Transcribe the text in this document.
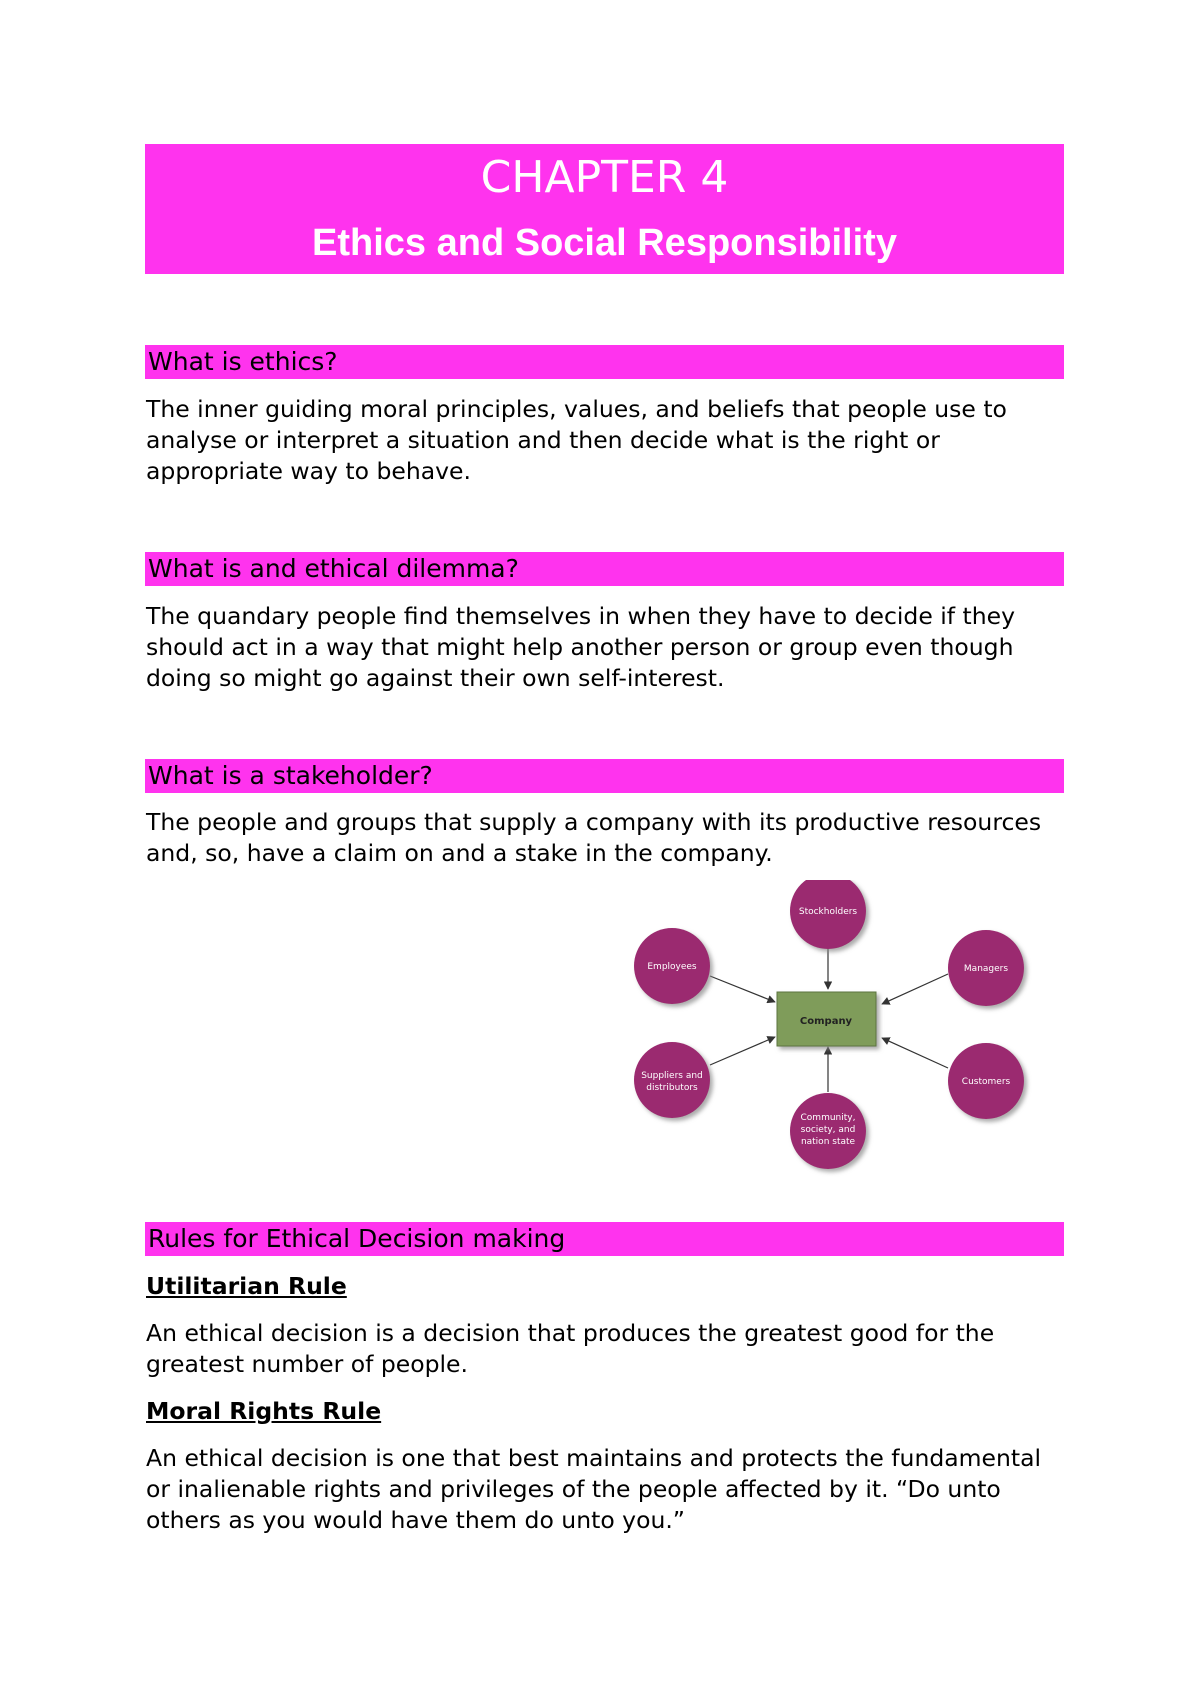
CHAPTER 4
Ethics and Social Responsibility
What is ethics?

The inner guiding moral principles, values, and beliefs that people use to analyse or interpret a situation and then decide what is the right or appropriate way to behave.

What is and ethical dilemma?

The quandary people find themselves in when they have to decide if they should act in a way that might help another person or group even though doing so might go against their own self-interest.

What is a stakeholder?

The people and groups that supply a company with its productive resources and, so, have a claim on and a stake in the company.

Company
Stockholders
Employees	Managers
Suppliers and
distributors
Customers
Community,
society, and
nation state
Rules for Ethical Decision making
Utilitarian Rule

An ethical decision is a decision that produces the greatest good for the greatest number of people.

Moral Rights Rule

An ethical decision is one that best maintains and protects the fundamental or inalienable rights and privileges of the people affected by it. “Do unto others as you would have them do unto you.”
